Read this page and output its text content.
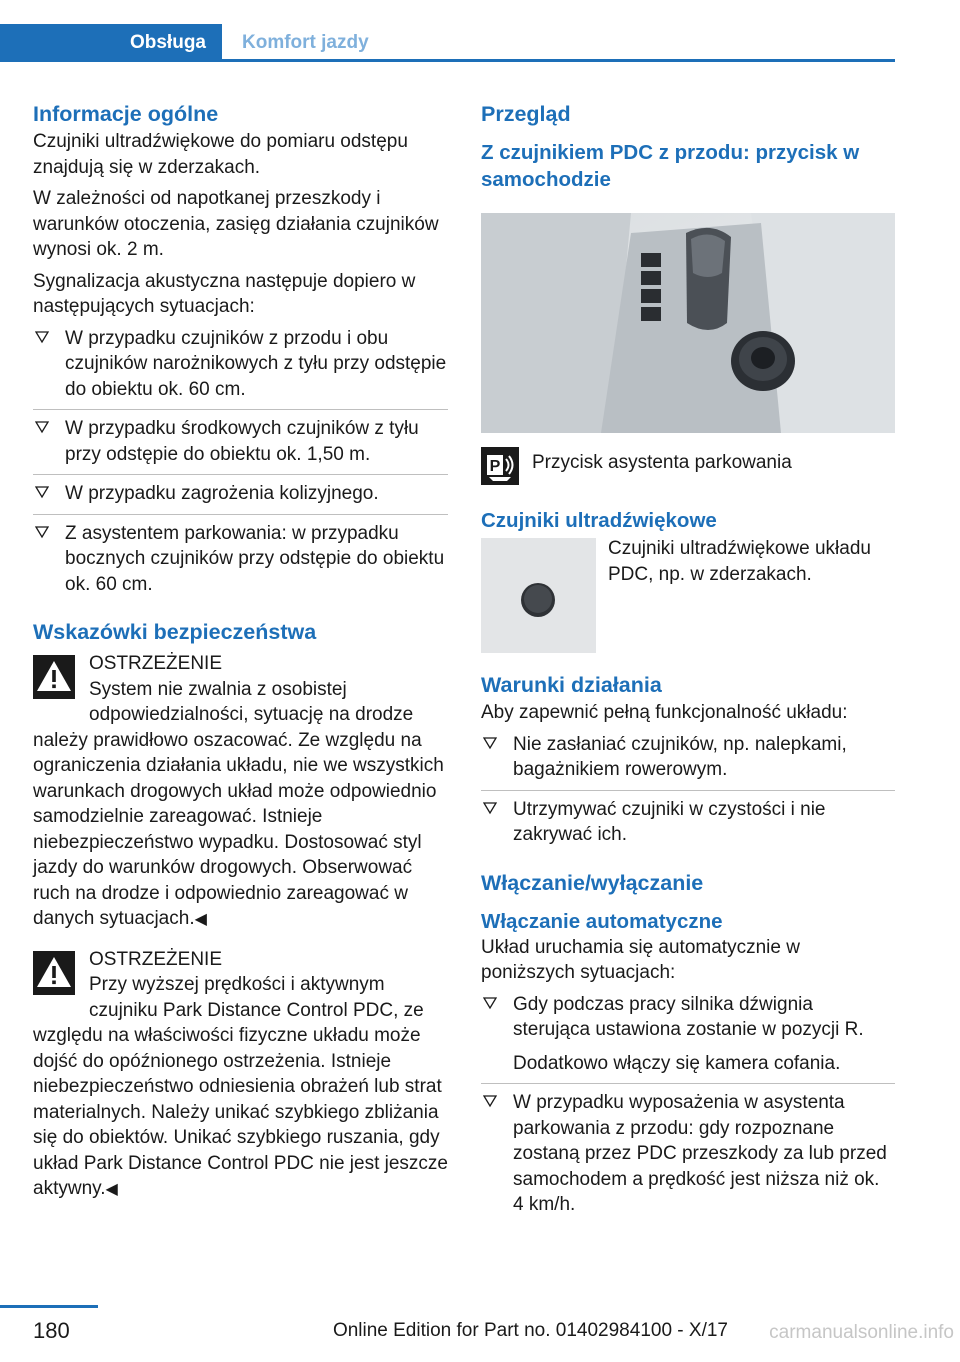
Obsługa	Komfort jazdy
Informacje ogólne

Czujniki ultradźwiękowe do pomiaru odstępu znajdują się w zderzakach.

W zależności od napotkanej przeszkody i warunków otoczenia, zasięg działania czujników wynosi ok. 2 m.

Sygnalizacja akustyczna następuje dopiero w następujących sytuacjach:

W przypadku czujników z przodu i obu czujników narożnikowych z tyłu przy odstępie do obiektu ok. 60 cm.
W przypadku środkowych czujników z tyłu przy odstępie do obiektu ok. 1,50 m.
W przypadku zagrożenia kolizyjnego.
Z asystentem parkowania: w przypadku bocznych czujników przy odstępie do obiektu ok. 60 cm.
Wskazówki bezpieczeństwa

OSTRZEŻENIE

System nie zwalnia z osobistej odpowiedzialności, sytuację na drodze należy prawidłowo oszacować. Ze względu na ograniczenia działania układu, nie we wszystkich warunkach drogowych układ może odpowiednio samodzielnie zareagować. Istnieje niebezpieczeństwo wypadku. Dostosować styl jazdy do warunków drogowych. Obserwować ruch na drodze i odpowiednio zareagować w danych sytuacjach.◀

OSTRZEŻENIE

Przy wyższej prędkości i aktywnym czujniku Park Distance Control PDC, ze względu na właściwości fizyczne układu może dojść do opóźnionego ostrzeżenia. Istnieje niebezpieczeństwo odniesienia obrażeń lub strat materialnych. Należy unikać szybkiego zbliżania się do obiektów. Unikać szybkiego ruszania, gdy układ Park Distance Control PDC nie jest jeszcze aktywny.◀

Przegląd
Z czujnikiem PDC z przodu: przycisk w samochodzie
P Przycisk asystenta parkowania
Czujniki ultradźwiękowe

Czujniki ultradźwiękowe układu PDC, np. w zderzakach.

Warunki działania

Aby zapewnić pełną funkcjonalność układu:

Nie zasłaniać czujników, np. nalepkami, bagażnikiem rowerowym.
Utrzymywać czujniki w czystości i nie zakrywać ich.
Włączanie/wyłączanie
Włączanie automatyczne

Układ uruchamia się automatycznie w poniższych sytuacjach:

Gdy podczas pracy silnika dźwignia sterująca ustawiona zostanie w pozycji R.
Dodatkowo włączy się kamera cofania.
W przypadku wyposażenia w asystenta parkowania z przodu: gdy rozpoznane zostaną przez PDC przeszkody za lub przed samochodem a prędkość jest niższa niż ok. 4 km/h.
180	Online Edition for Part no. 01402984100 - X/17 carmanualsonline.info
